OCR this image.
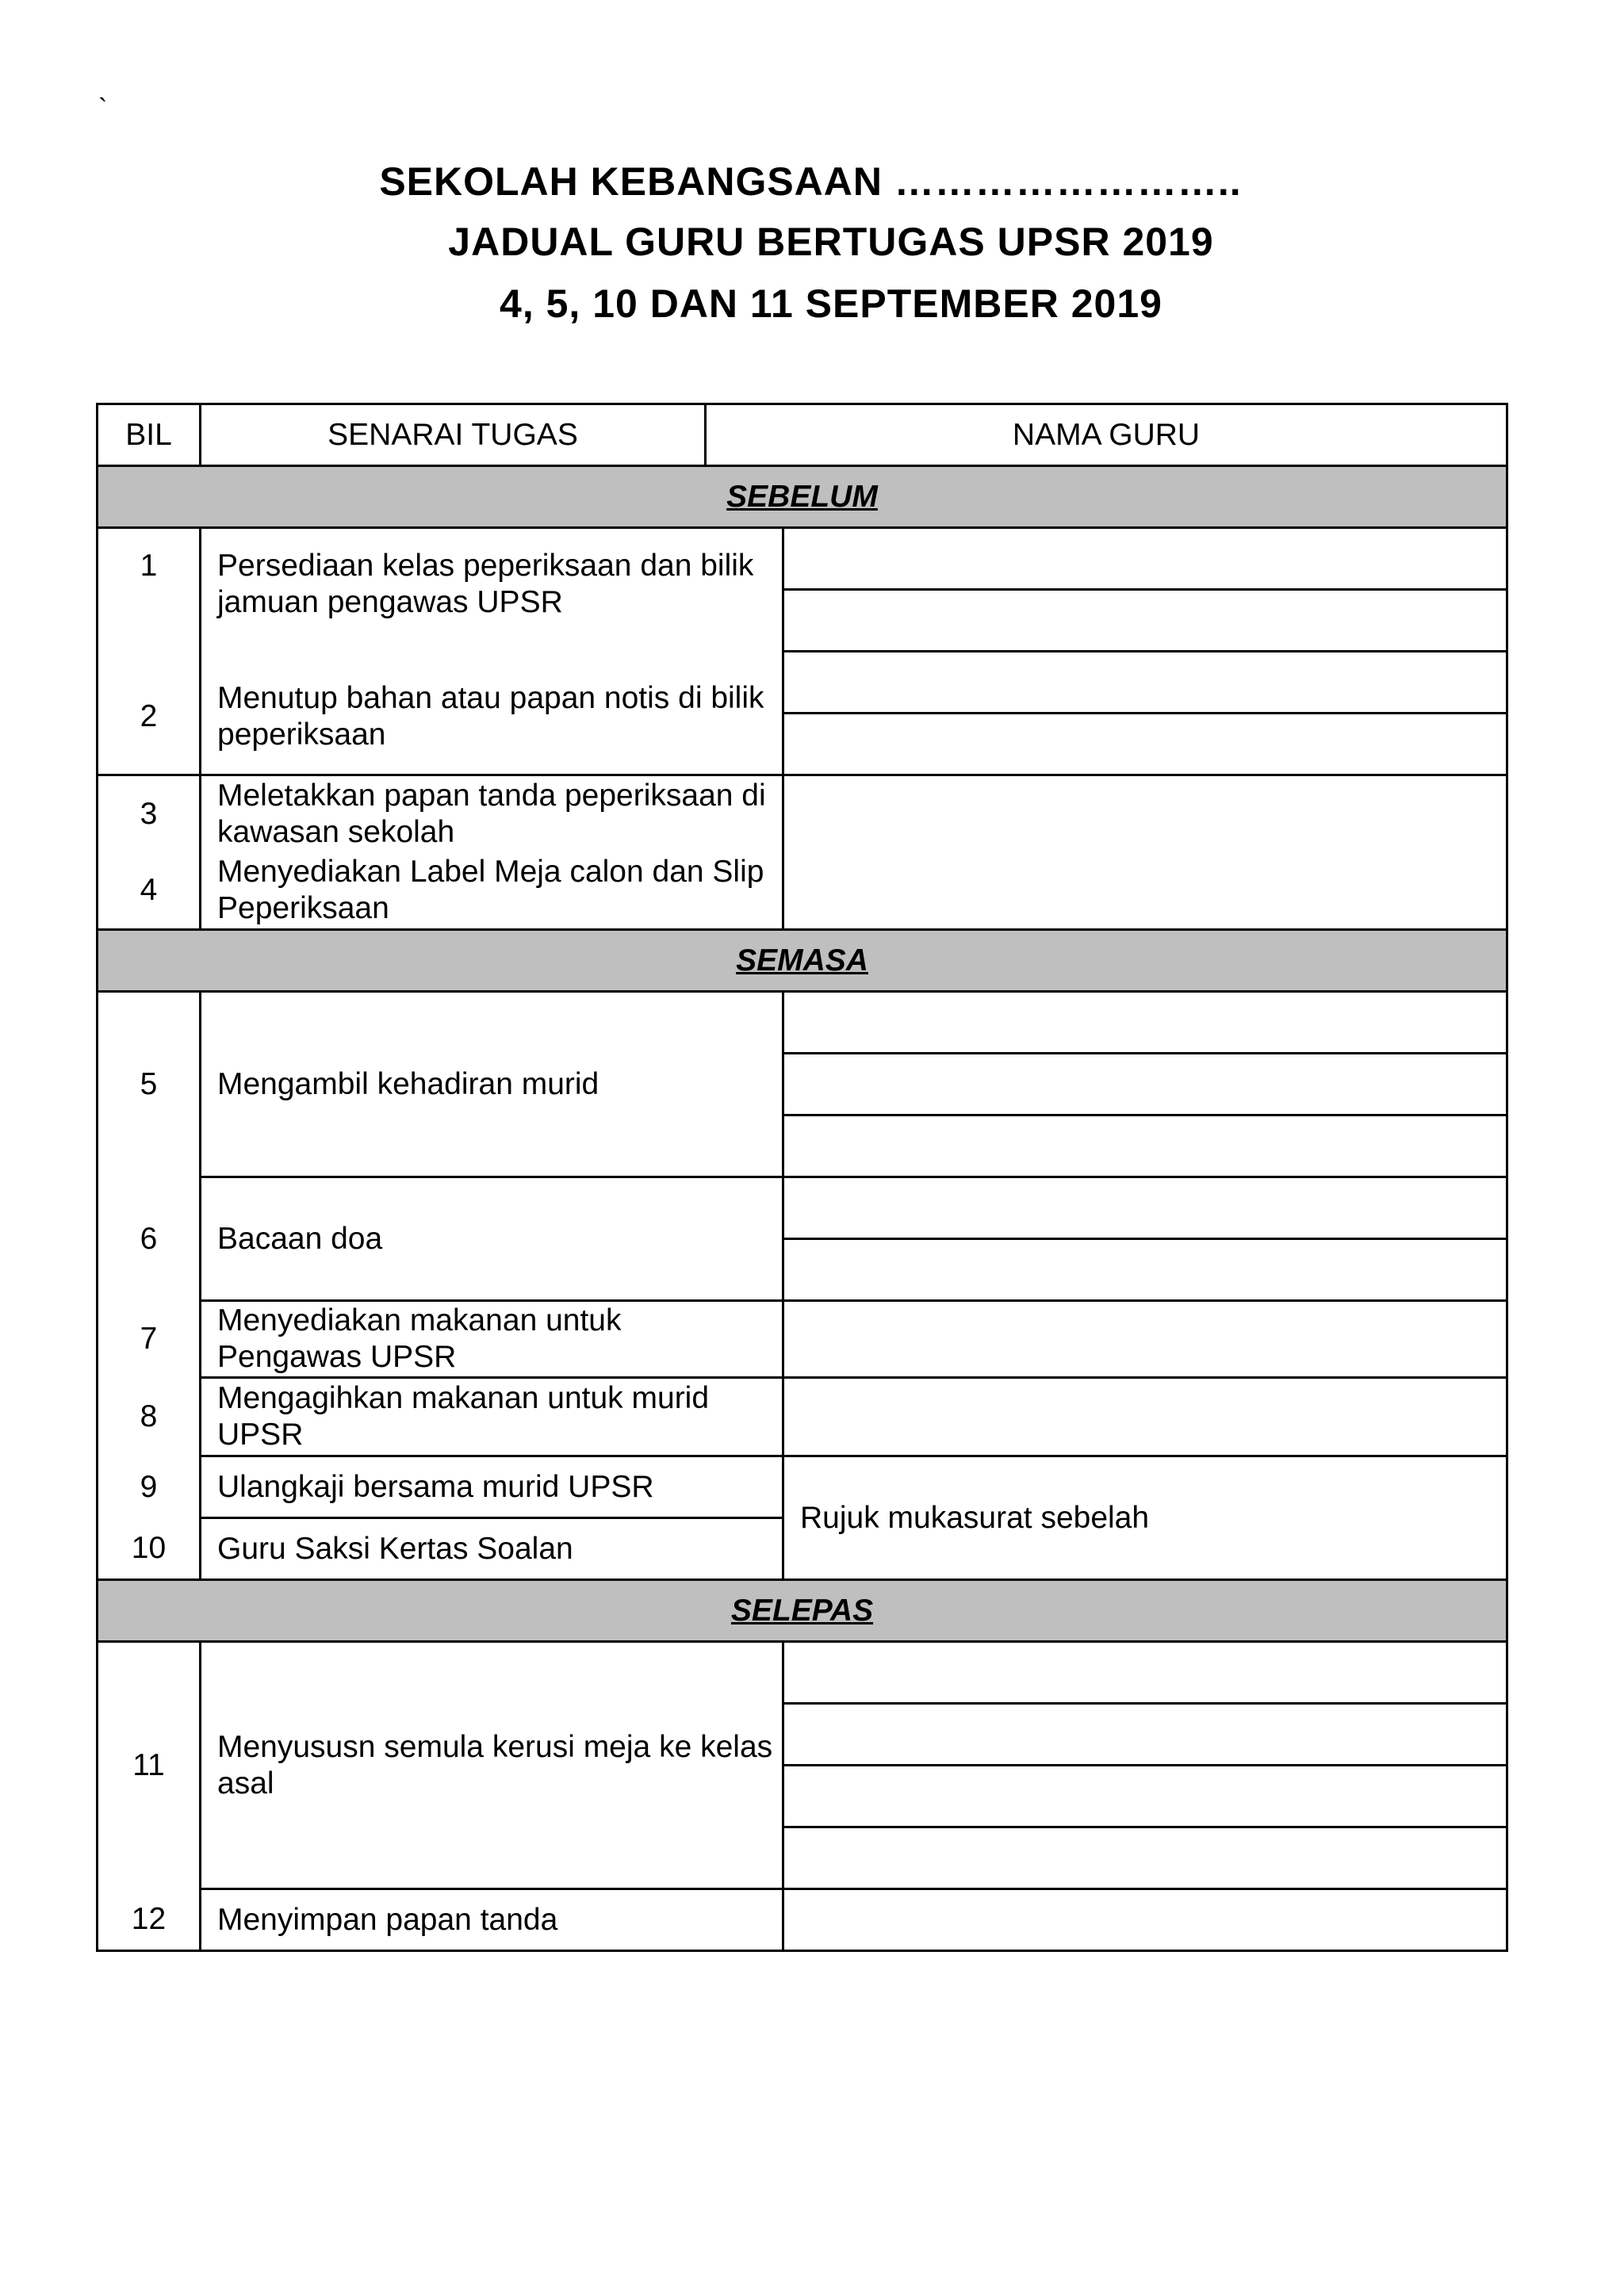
`
SEKOLAH KEBANGSAAN ……………………..
JADUAL GURU BERTUGAS UPSR 2019
4, 5, 10 DAN 11 SEPTEMBER 2019
BIL	SENARAI TUGAS	NAMA GURU	
SEBELUM			
1	Persediaan kelas peperiksaan dan bilik jamuan pengawas UPSR		

2	Menutup bahan atau papan notis di bilik peperiksaan		

3	Meletakkan papan tanda peperiksaan di kawasan sekolah		
4	Menyediakan Label Meja calon dan Slip Peperiksaan		
SEMASA			
5	Mengambil kehadiran murid		

6	Bacaan doa		

7	Menyediakan makanan untuk Pengawas UPSR		
8	Mengagihkan makanan untuk murid UPSR		
9	Ulangkaji bersama murid UPSR		Rujuk mukasurat sebelah
10	Guru Saksi Kertas Soalan		
SELEPAS			
11	Menyususn semula kerusi meja ke kelas asal		

12	Menyimpan papan tanda		
